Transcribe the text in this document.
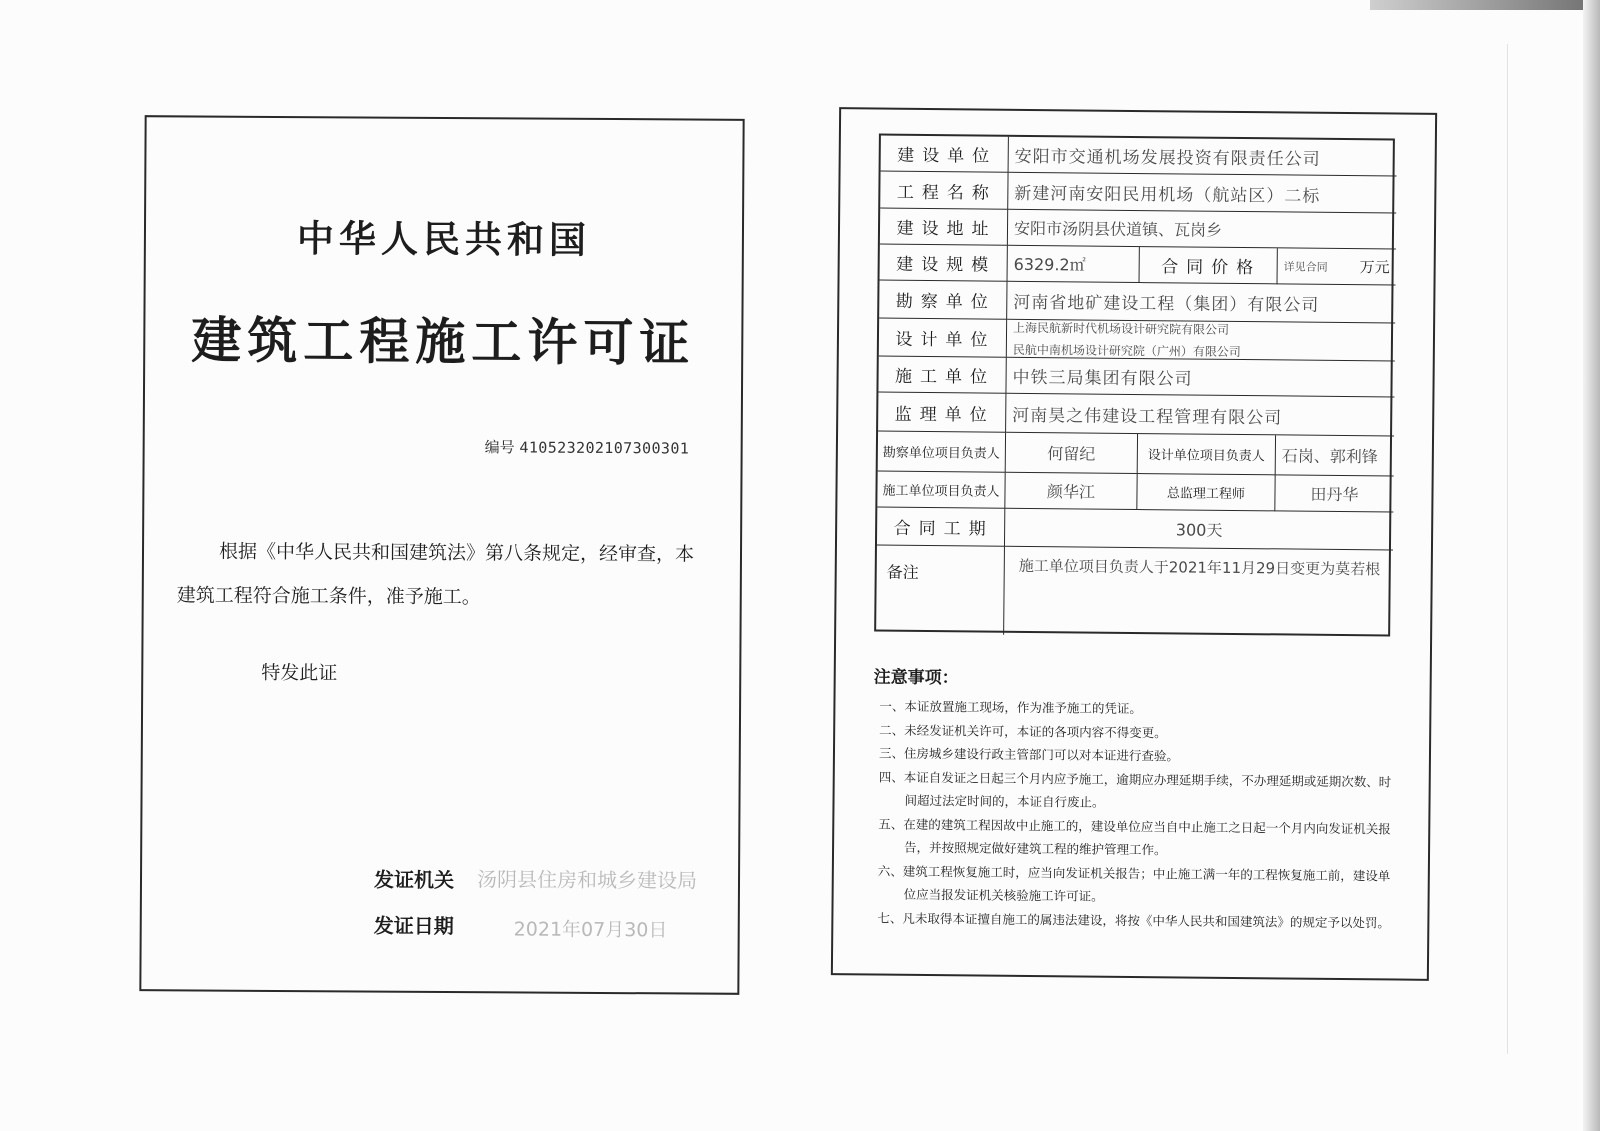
中华人民共和国
建筑工程施工许可证
编号 410523202107300301
根据《中华人民共和国建筑法》第八条规定，经审查，本建筑工程符合施工条件，准予施工。
特发此证
发证机关 汤阴县住房和城乡建设局
发证日期	2021年07月30日
建设单位	安阳市交通机场发展投资有限责任公司
工程名称	新建河南安阳民用机场（航站区）二标
建设地址	安阳市汤阴县伏道镇、瓦岗乡
建设规模	6329.2㎡	合同价格	详见合同 万元
勘察单位	河南省地矿建设工程（集团）有限公司
设计单位
上海民航新时代机场设计研究院有限公司
民航中南机场设计研究院（广州）有限公司
施工单位	中铁三局集团有限公司
监理单位	河南昊之伟建设工程管理有限公司
勘察单位项目负责人	何留纪	设计单位项目负责人	石岗、郭利锋
施工单位项目负责人	颜华江	总监理工程师	田丹华
合同工期	300天
备注	施工单位项目负责人于2021年11月29日变更为莫若根
注意事项：
一、本证放置施工现场，作为准予施工的凭证。
二、未经发证机关许可，本证的各项内容不得变更。
三、住房城乡建设行政主管部门可以对本证进行查验。
四、本证自发证之日起三个月内应予施工，逾期应办理延期手续，不办理延期或延期次数、时间超过法定时间的，本证自行废止。
五、在建的建筑工程因故中止施工的，建设单位应当自中止施工之日起一个月内向发证机关报告，并按照规定做好建筑工程的维护管理工作。
六、建筑工程恢复施工时，应当向发证机关报告；中止施工满一年的工程恢复施工前，建设单位应当报发证机关核验施工许可证。
七、凡未取得本证擅自施工的属违法建设，将按《中华人民共和国建筑法》的规定予以处罚。
